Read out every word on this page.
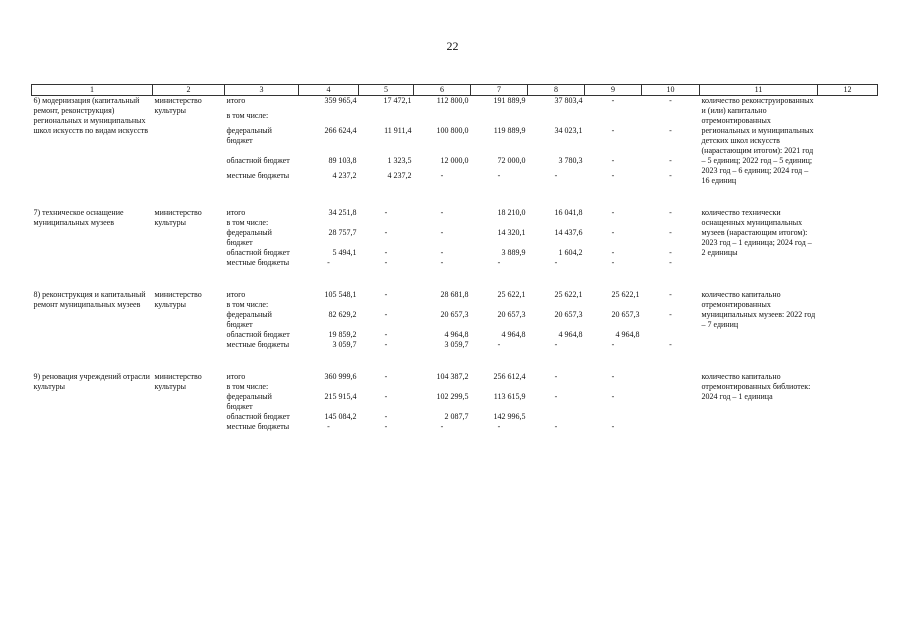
22
1	2	3	4	5	6	7	8	9	10	11	12
6) модернизация (капитальный ремонт, реконструкция) региональных и муниципальных школ искусств по видам искусств	министерство культуры	итого	359 965,4	17 472,1	112 800,0	191 889,9	37 803,4	-	-	количество реконструированных и (или) капитально отремонтированных региональных и муниципальных детских школ искусств (нарастающим итогом): 2021 год – 5 единиц; 2022 год – 5 единиц; 2023 год – 6 единиц; 2024 год – 16 единиц	
		в том числе:									
		федеральный бюджет	266 624,4	11 911,4	100 800,0	119 889,9	34 023,1	-	-		
		областной бюджет	89 103,8	1 323,5	12 000,0	72 000,0	3 780,3	-	-		
		местные бюджеты	4 237,2	4 237,2	-	-	-	-	-		

7) техническое оснащение муниципальных музеев	министерство культуры	итого	34 251,8	-	-	18 210,0	16 041,8	-	-	количество технически оснащенных муниципальных музеев (нарастающим итогом): 2023 год – 1 единица; 2024 год – 2 единицы	
		в том числе:									
		федеральный бюджет	28 757,7	-	-	14 320,1	14 437,6	-	-		
		областной бюджет	5 494,1	-	-	3 889,9	1 604,2	-	-		
		местные бюджеты	-	-	-	-	-	-	-		

8) реконструкция и капитальный ремонт муниципальных музеев	министерство культуры	итого	105 548,1	-	28 681,8	25 622,1	25 622,1	25 622,1	-	количество капитально отремонтированных муниципальных музеев: 2022 год – 7 единиц	
		в том числе:									
		федеральный бюджет	82 629,2	-	20 657,3	20 657,3	20 657,3	20 657,3	-		
		областной бюджет	19 859,2	-	4 964,8	4 964,8	4 964,8	4 964,8			
		местные бюджеты	3 059,7	-	3 059,7	-	-	-	-		

9) реновация учреждений отрасли культуры	министерство культуры	итого	360 999,6	-	104 387,2	256 612,4	-	-		количество капитально отремонтированных библиотек: 2024 год – 1 единица	
		в том числе:									
		федеральный бюджет	215 915,4	-	102 299,5	113 615,9	-	-			
		областной бюджет	145 084,2	-	2 087,7	142 996,5					
		местные бюджеты	-	-	-	-	-	-			
